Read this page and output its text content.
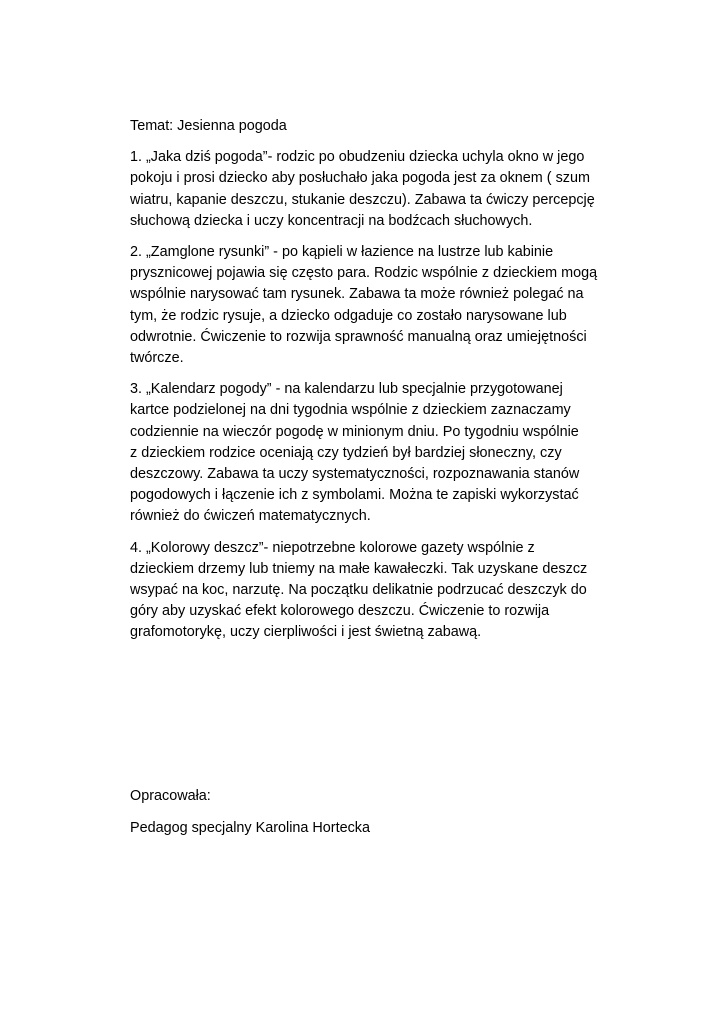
Temat: Jesienna pogoda
1. „Jaka dziś pogoda”- rodzic po obudzeniu dziecka uchyla okno w jego
pokoju i prosi dziecko aby posłuchało jaka pogoda jest za oknem ( szum
wiatru, kapanie deszczu, stukanie deszczu). Zabawa ta ćwiczy percepcję
słuchową dziecka i uczy koncentracji na bodźcach słuchowych.
2. „Zamglone rysunki” - po kąpieli w łazience na lustrze lub kabinie
prysznicowej pojawia się często para. Rodzic wspólnie z dzieckiem mogą
wspólnie narysować tam rysunek. Zabawa ta może również polegać na
tym, że rodzic rysuje, a dziecko odgaduje co zostało narysowane lub
odwrotnie. Ćwiczenie to rozwija sprawność manualną oraz umiejętności
twórcze.
3. „Kalendarz pogody” - na kalendarzu lub specjalnie przygotowanej
kartce podzielonej na dni tygodnia wspólnie z dzieckiem zaznaczamy
codziennie na wieczór pogodę w minionym dniu. Po tygodniu wspólnie
z dzieckiem rodzice oceniają czy tydzień był bardziej słoneczny, czy
deszczowy. Zabawa ta uczy systematyczności, rozpoznawania stanów
pogodowych i łączenie ich z symbolami. Można te zapiski wykorzystać
również do ćwiczeń matematycznych.
4. „Kolorowy deszcz”- niepotrzebne kolorowe gazety wspólnie z
dzieckiem drzemy lub tniemy na małe kawałeczki. Tak uzyskane deszcz
wsypać na koc, narzutę. Na początku delikatnie podrzucać deszczyk do
góry aby uzyskać efekt kolorowego deszczu. Ćwiczenie to rozwija
grafomotorykę, uczy cierpliwości i jest świetną zabawą.
Opracowała:
Pedagog specjalny Karolina Hortecka
